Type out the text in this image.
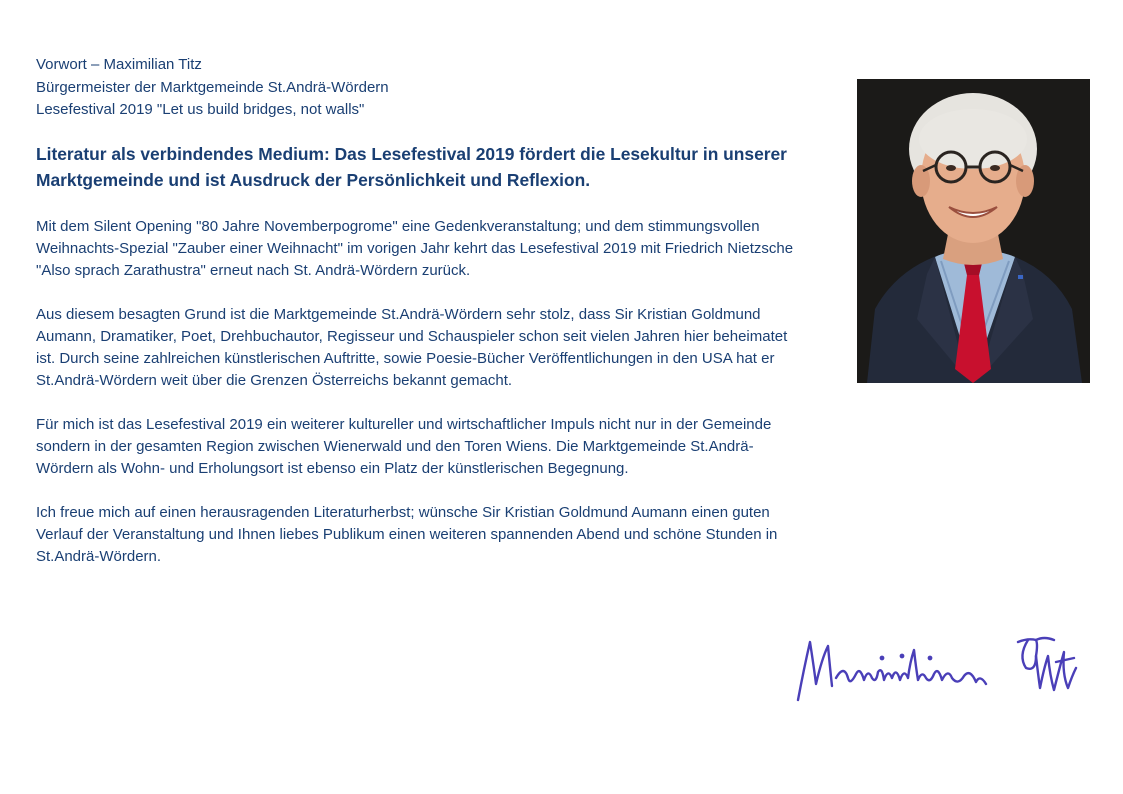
Vorwort – Maximilian Titz
Bürgermeister der Marktgemeinde St.Andrä-Wördern
Lesefestival 2019 "Let us build bridges, not walls"
Literatur als verbindendes Medium: Das Lesefestival 2019 fördert die Lesekultur in unserer Marktgemeinde und ist Ausdruck der Persönlichkeit und Reflexion.

Mit dem Silent Opening "80 Jahre Novemberpogrome" eine Gedenkveranstaltung; und dem stimmungsvollen Weihnachts-Spezial "Zauber einer Weihnacht" im vorigen Jahr kehrt das Lesefestival 2019 mit Friedrich Nietzsche "Also sprach Zarathustra" erneut nach St. Andrä-Wördern zurück.

Aus diesem besagten Grund ist die Marktgemeinde St.Andrä-Wördern sehr stolz, dass Sir Kristian Goldmund Aumann, Dramatiker, Poet, Drehbuchautor, Regisseur und Schauspieler schon seit vielen Jahren hier beheimatet ist. Durch seine zahlreichen künstlerischen Auftritte, sowie Poesie-Bücher Veröffentlichungen in den USA hat er St.Andrä-Wördern weit über die Grenzen Österreichs bekannt gemacht.

Für mich ist das Lesefestival 2019 ein weiterer kultureller und wirtschaftlicher Impuls nicht nur in der Gemeinde sondern in der gesamten Region zwischen Wienerwald und den Toren Wiens. Die Marktgemeinde St.Andrä-Wördern als Wohn- und Erholungsort ist ebenso ein Platz der künstlerischen Begegnung.

Ich freue mich auf einen herausragenden Literaturherbst; wünsche Sir Kristian Goldmund Aumann einen guten Verlauf der Veranstaltung und Ihnen liebes Publikum einen weiteren spannenden Abend und schöne Stunden in St.Andrä-Wördern.
